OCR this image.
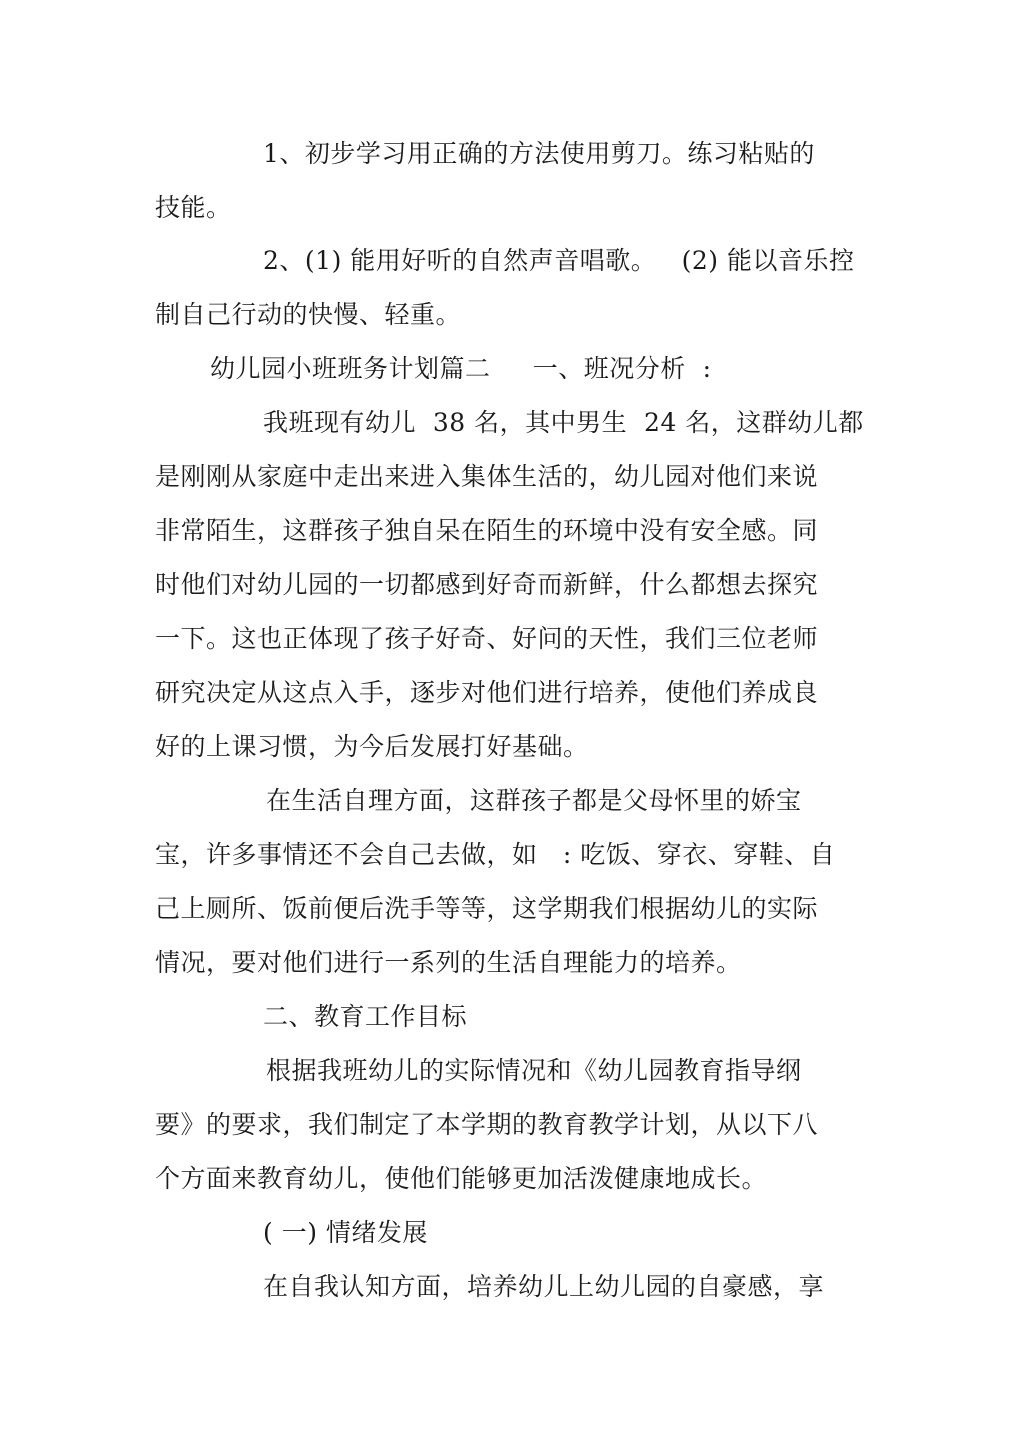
1、初步学习用正确的方法使用剪刀。练习粘贴的
技能。
2、(1) 能用好听的自然声音唱歌。   (2) 能以音乐控
制自己行动的快慢、轻重。
幼儿园小班班务计划篇二     一、班况分析  :
我班现有幼儿  38 名，其中男生  24 名，这群幼儿都
是刚刚从家庭中走出来进入集体生活的，幼儿园对他们来说
非常陌生，这群孩子独自呆在陌生的环境中没有安全感。同
时他们对幼儿园的一切都感到好奇而新鲜，什么都想去探究
一下。这也正体现了孩子好奇、好问的天性，我们三位老师
研究决定从这点入手，逐步对他们进行培养，使他们养成良
好的上课习惯，为今后发展打好基础。
在生活自理方面，这群孩子都是父母怀里的娇宝
宝，许多事情还不会自己去做，如   : 吃饭、穿衣、穿鞋、自
己上厕所、饭前便后洗手等等，这学期我们根据幼儿的实际
情况，要对他们进行一系列的生活自理能力的培养。
二、教育工作目标
根据我班幼儿的实际情况和《幼儿园教育指导纲
要》的要求，我们制定了本学期的教育教学计划，从以下八
个方面来教育幼儿，使他们能够更加活泼健康地成长。
( 一) 情绪发展
在自我认知方面，培养幼儿上幼儿园的自豪感，享
